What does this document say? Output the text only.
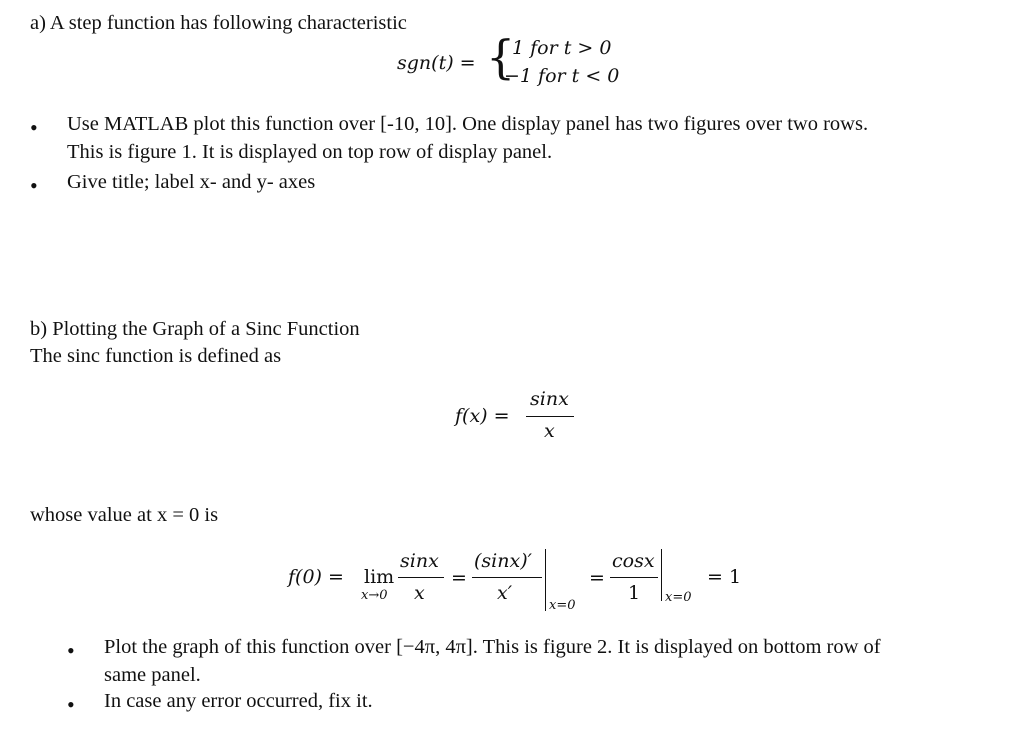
a) A step function has following characteristic
sgn(t) = {
1 for t > 0
−1 for t < 0
• Use MATLAB plot this function over [-10, 10]. One display panel has two figures over two rows.
This is figure 1. It is displayed on top row of display panel.
• Give title; label x- and y- axes
b) Plotting the Graph of a Sinc Function
The sinc function is defined as
f(x) =
sinx
x
whose value at x = 0 is
f(0) = lim
x→0
sinx
x
=
(sinx)′
x′
x=0
=
cosx
1 x=0
= 1
• Plot the graph of this function over [−4π, 4π]. This is figure 2. It is displayed on bottom row of
same panel.
• In case any error occurred, fix it.
